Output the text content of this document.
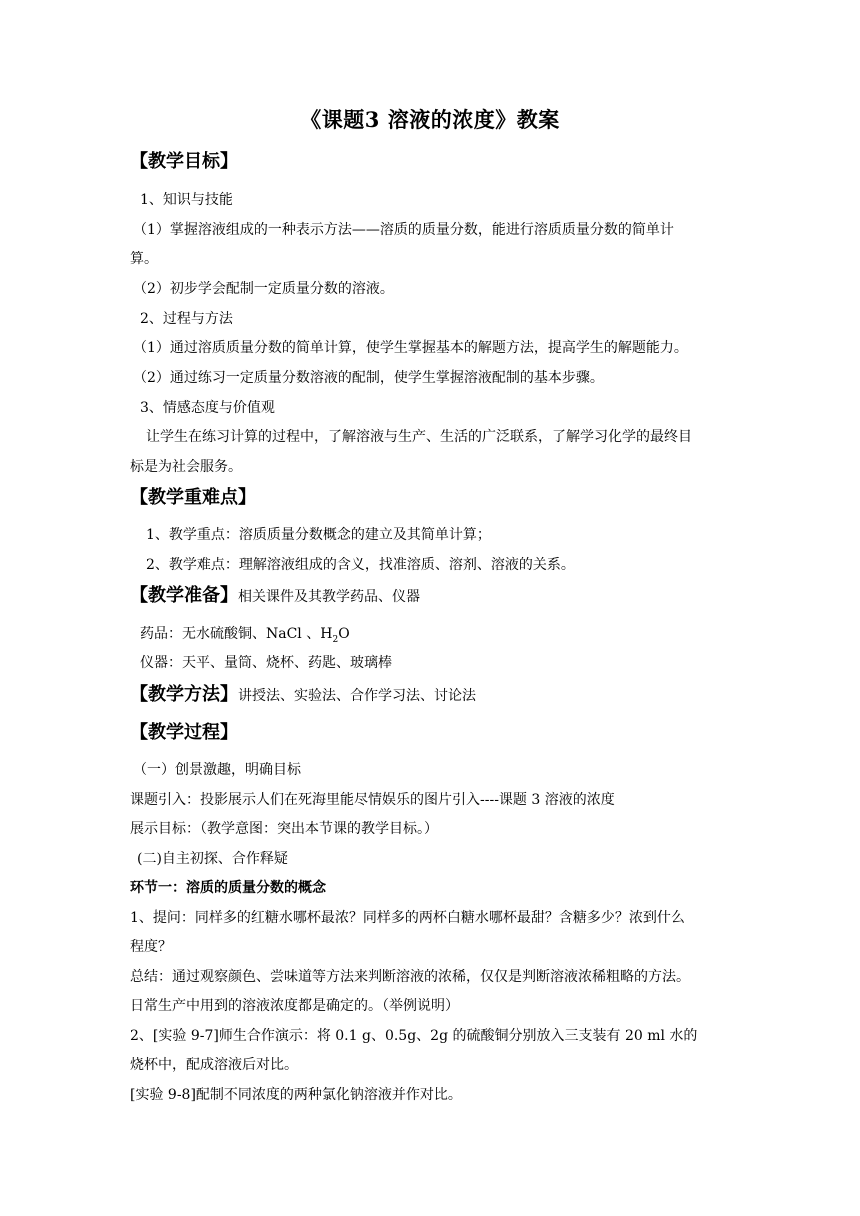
《课题3 溶液的浓度》教案
【教学目标】
1、知识与技能
（1）掌握溶液组成的一种表示方法——溶质的质量分数，能进行溶质质量分数的简单计
算。
（2）初步学会配制一定质量分数的溶液。
2、过程与方法
（1）通过溶质质量分数的简单计算，使学生掌握基本的解题方法，提高学生的解题能力。
（2）通过练习一定质量分数溶液的配制，使学生掌握溶液配制的基本步骤。
3、情感态度与价值观
让学生在练习计算的过程中，了解溶液与生产、生活的广泛联系，了解学习化学的最终目
标是为社会服务。
【教学重难点】
1、教学重点：溶质质量分数概念的建立及其简单计算；
2、教学难点：理解溶液组成的含义，找准溶质、溶剂、溶液的关系。
【教学准备】相关课件及其教学药品、仪器
药品：无水硫酸铜、NaCl 、$H_2O$
仪器：天平、量筒、烧杯、药匙、玻璃棒
【教学方法】讲授法、实验法、合作学习法、讨论法
【教学过程】
（一）创景激趣，明确目标
课题引入：投影展示人们在死海里能尽情娱乐的图片引入----课题 3 溶液的浓度
展示目标：（教学意图：突出本节课的教学目标。）
(二)自主初探、合作释疑
环节一：溶质的质量分数的概念
1、提问：同样多的红糖水哪杯最浓？同样多的两杯白糖水哪杯最甜？含糖多少？浓到什么
程度？
总结：通过观察颜色、尝味道等方法来判断溶液的浓稀，仅仅是判断溶液浓稀粗略的方法。
日常生产中用到的溶液浓度都是确定的。（举例说明）
2、[实验 9-7]师生合作演示：将 0.1 g、0.5g、2g 的硫酸铜分别放入三支装有 20 ml 水的
烧杯中，配成溶液后对比。
[实验 9-8]配制不同浓度的两种氯化钠溶液并作对比。
